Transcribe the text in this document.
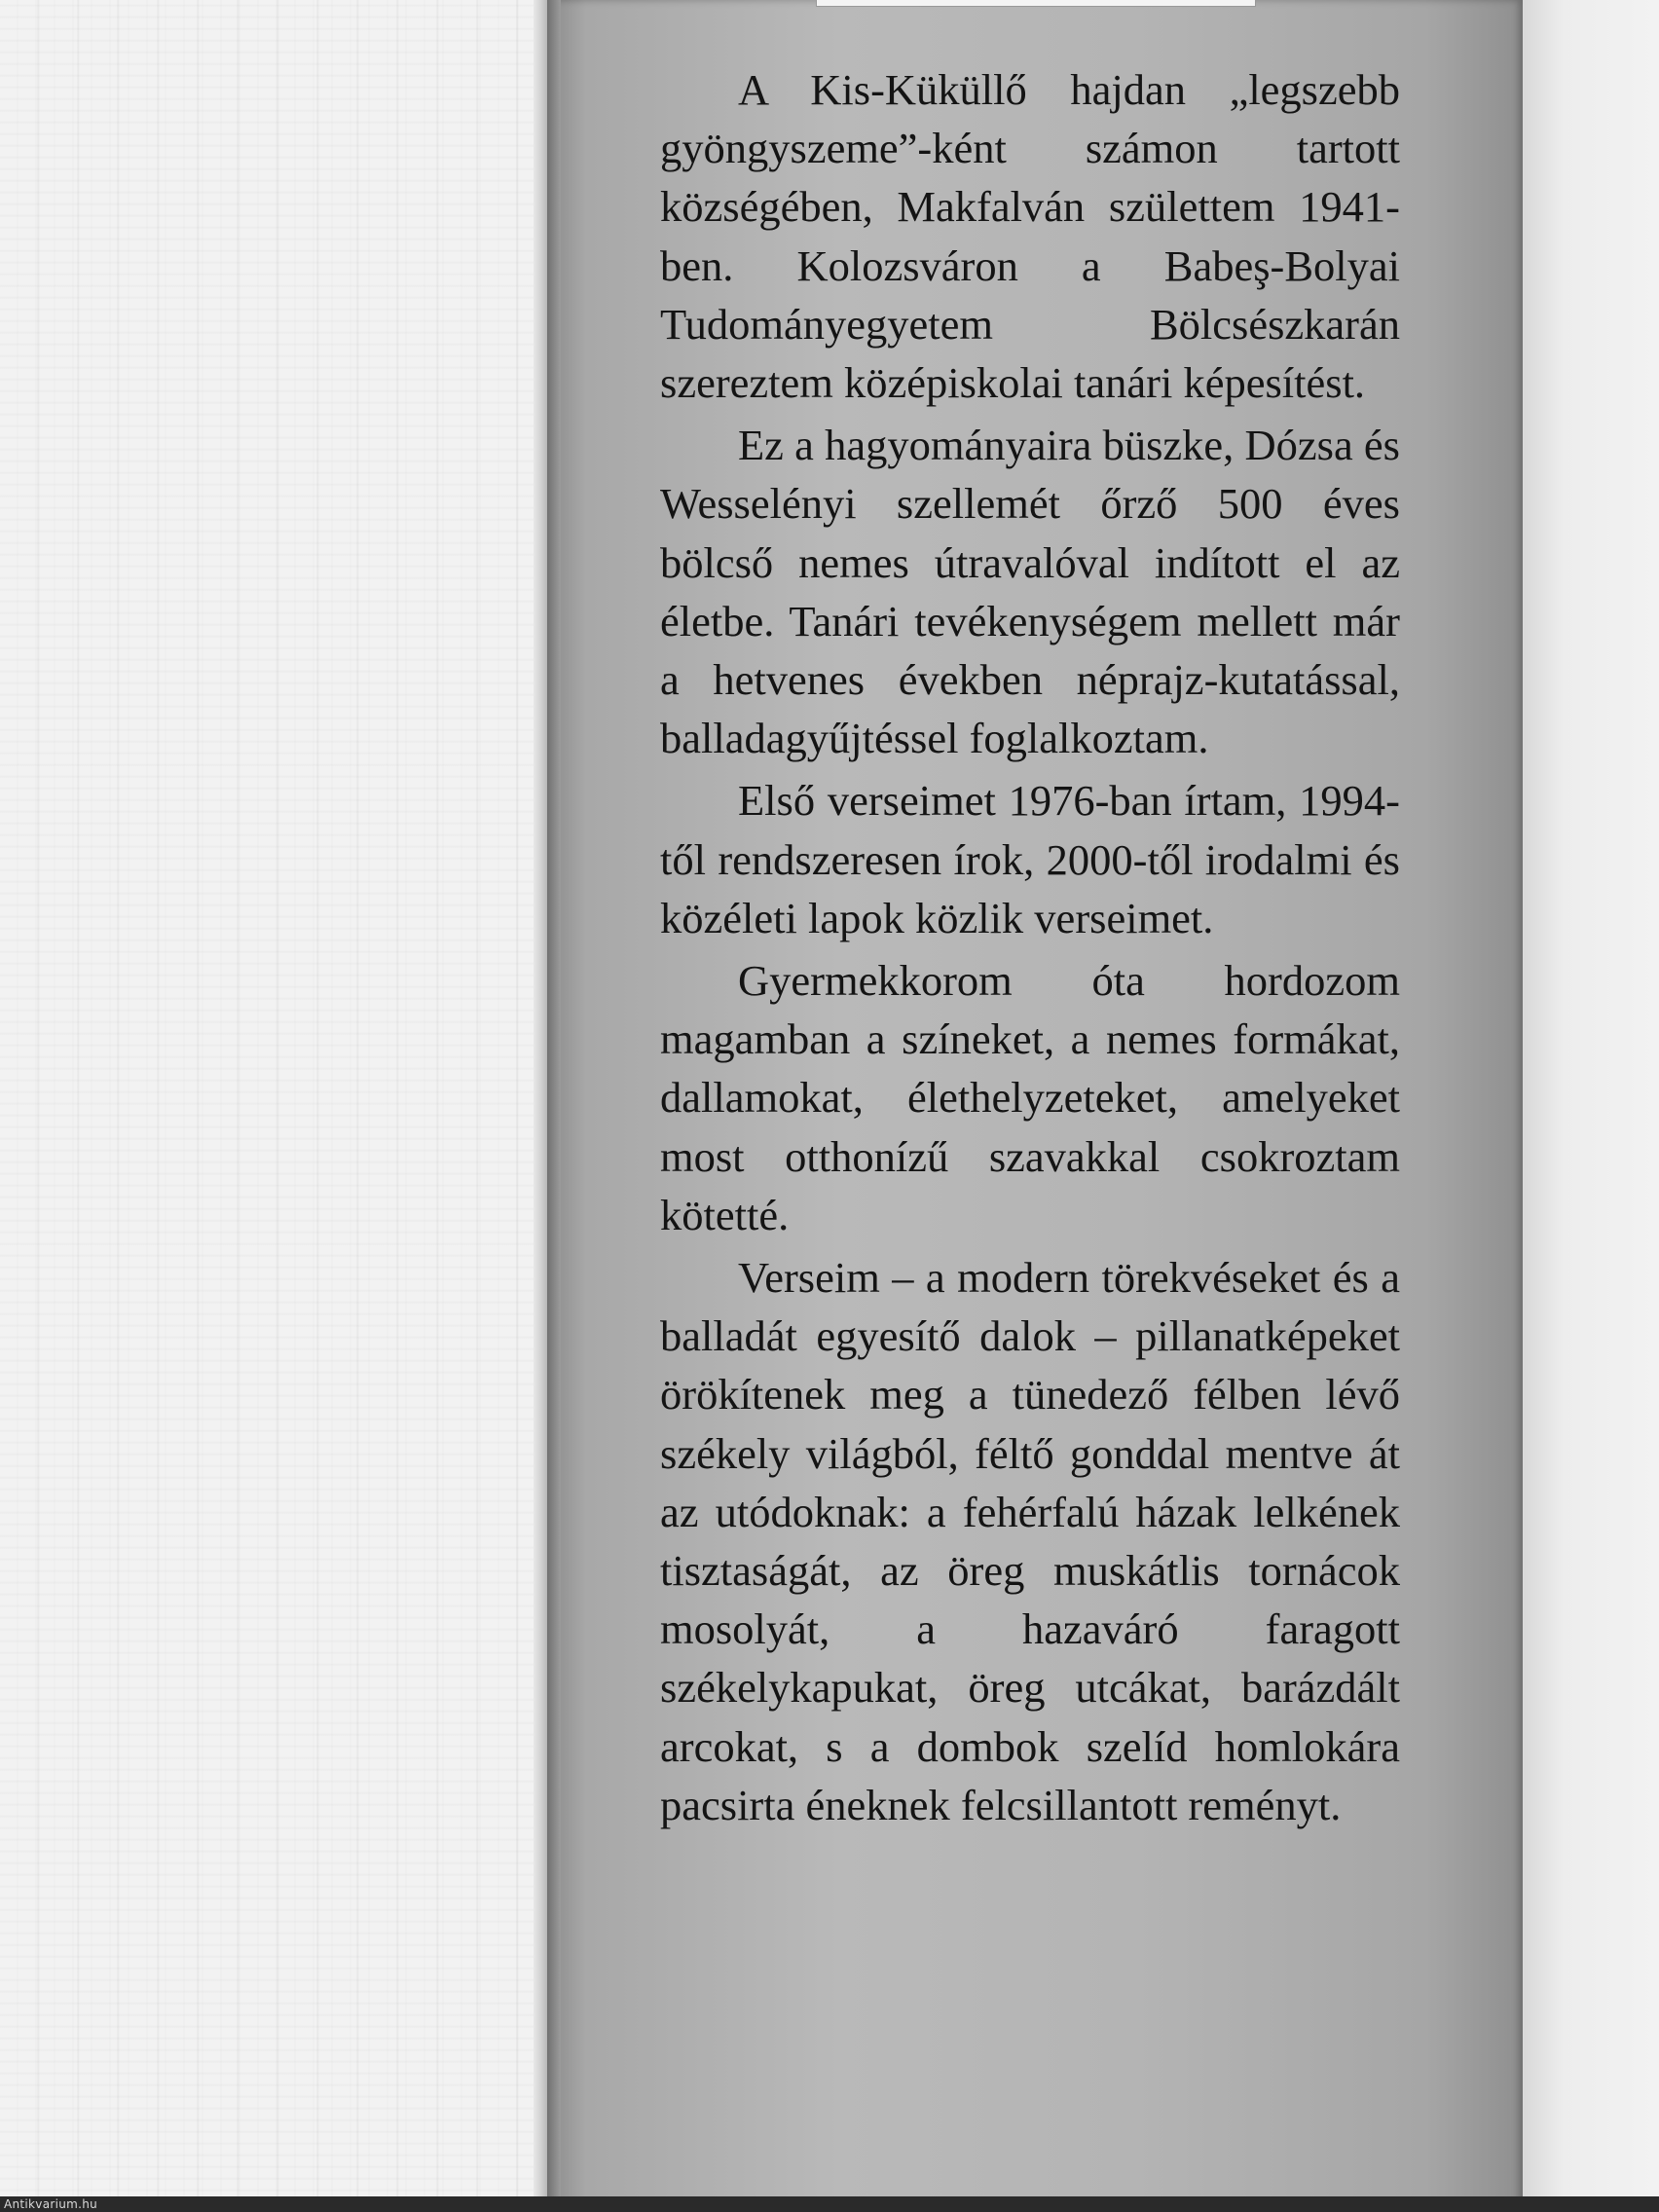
A Kis-Küküllő hajdan „legszebb gyöngyszeme”-ként számon tartott községében, Makfalván születtem 1941-ben. Kolozsváron a Babeş-Bolyai Tudományegyetem Bölcsészkarán szereztem középiskolai tanári képesítést.

Ez a hagyományaira büszke, Dózsa és Wesselényi szellemét őrző 500 éves bölcső nemes útravalóval indított el az életbe. Tanári tevékenységem mellett már a hetvenes években néprajz-kutatással, balladagyűjtéssel foglalkoztam.

Első verseimet 1976-ban írtam, 1994-től rendszeresen írok, 2000-től irodalmi és közéleti lapok közlik verseimet.

Gyermekkorom óta hordozom magamban a színeket, a nemes formákat, dallamokat, élethelyzeteket, amelyeket most otthonízű szavakkal csokroztam kötetté.

Verseim – a modern törekvéseket és a balladát egyesítő dalok – pillanatképeket örökítenek meg a tünedező félben lévő székely világból, féltő gonddal mentve át az utódoknak: a fehérfalú házak lelkének tisztaságát, az öreg muskátlis tornácok mosolyát, a hazaváró faragott székelykapukat, öreg utcákat, barázdált arcokat, s a dombok szelíd homlokára pacsirta éneknek felcsillantott reményt.

Antikvarium.hu
